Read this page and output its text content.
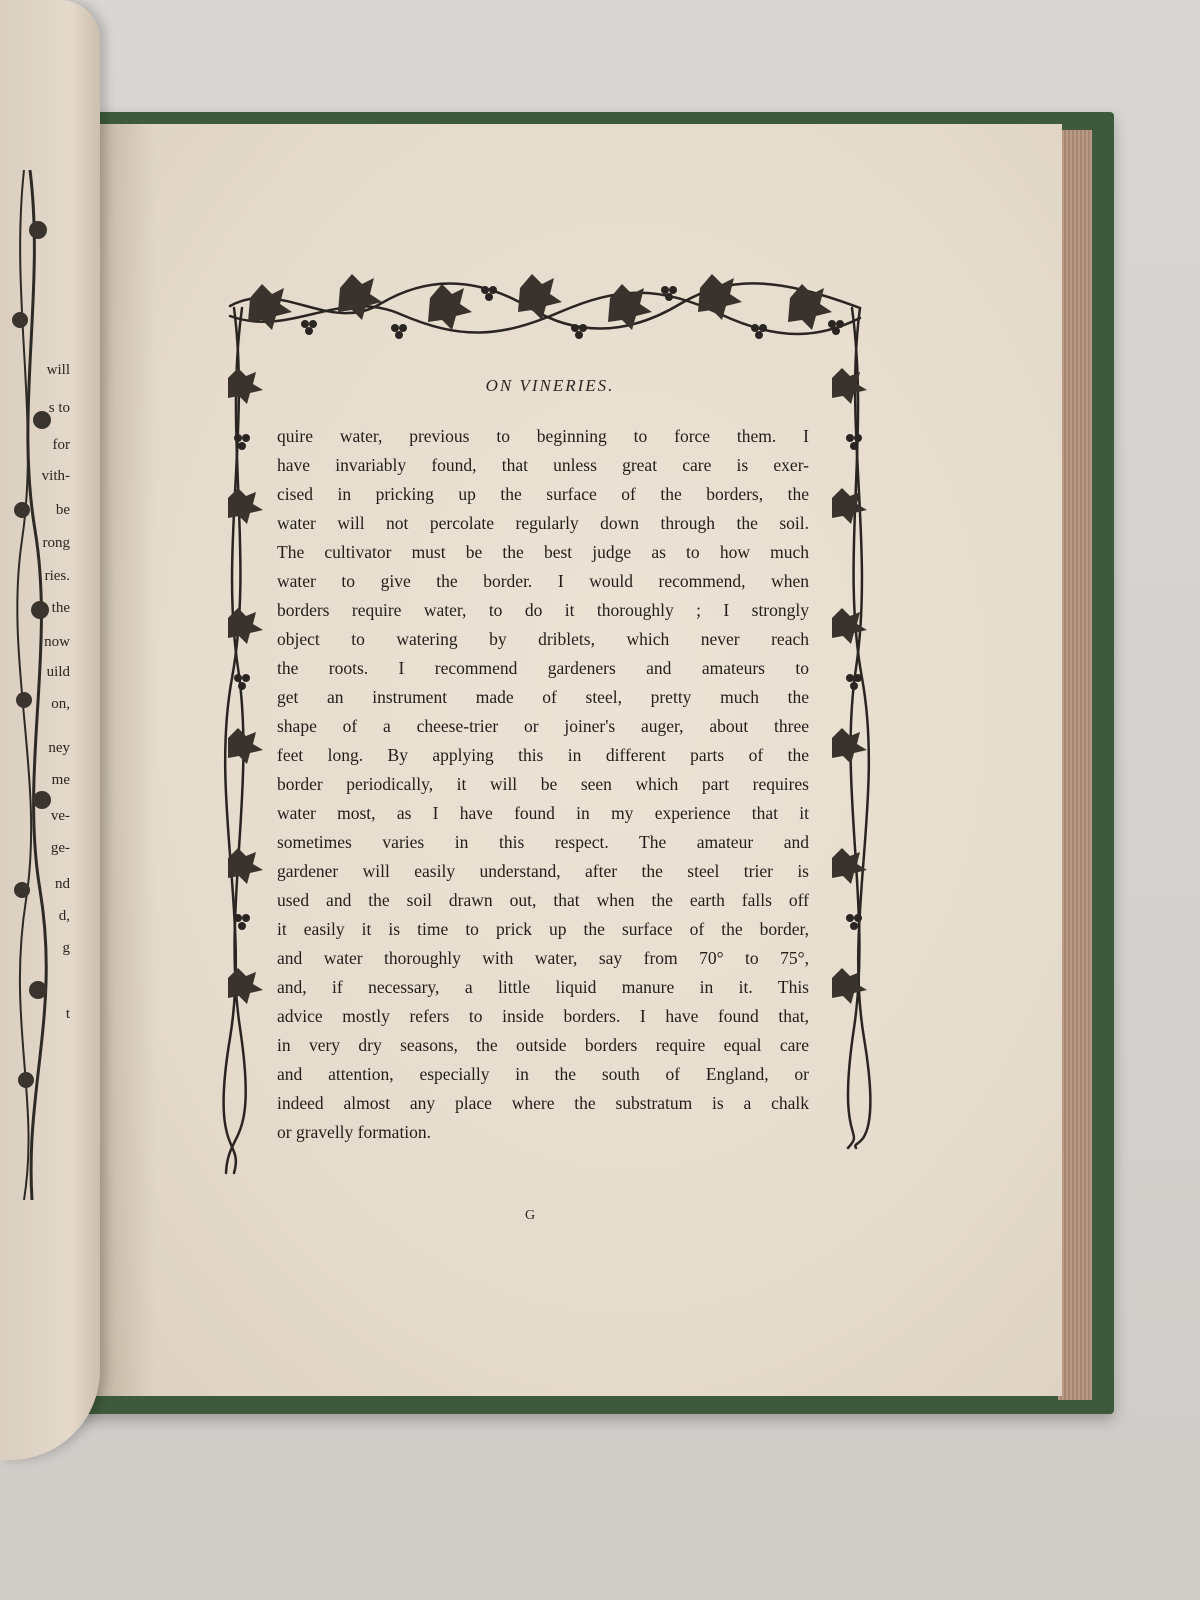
will

s to

for

vith-

be

rong

ries.

the

now

uild

on,

ney

me

ve-

ge-

nd

d,

g

t

ON VINERIES.
quire water, previous to beginning to force them. I
have invariably found, that unless great care is exer-
cised in pricking up the surface of the borders, the
water will not percolate regularly down through the soil.
The cultivator must be the best judge as to how much
water to give the border. I would recommend, when
borders require water, to do it thoroughly ; I strongly
object to watering by driblets, which never reach
the roots. I recommend gardeners and amateurs to
get an instrument made of steel, pretty much the
shape of a cheese-trier or joiner's auger, about three
feet long. By applying this in different parts of the
border periodically, it will be seen which part requires
water most, as I have found in my experience that it
sometimes varies in this respect. The amateur and
gardener will easily understand, after the steel trier is
used and the soil drawn out, that when the earth falls off
it easily it is time to prick up the surface of the border,
and water thoroughly with water, say from 70° to 75°,
and, if necessary, a little liquid manure in it. This
advice mostly refers to inside borders. I have found that,
in very dry seasons, the outside borders require equal care
and attention, especially in the south of England, or
indeed almost any place where the substratum is a chalk
or gravelly formation.

G
